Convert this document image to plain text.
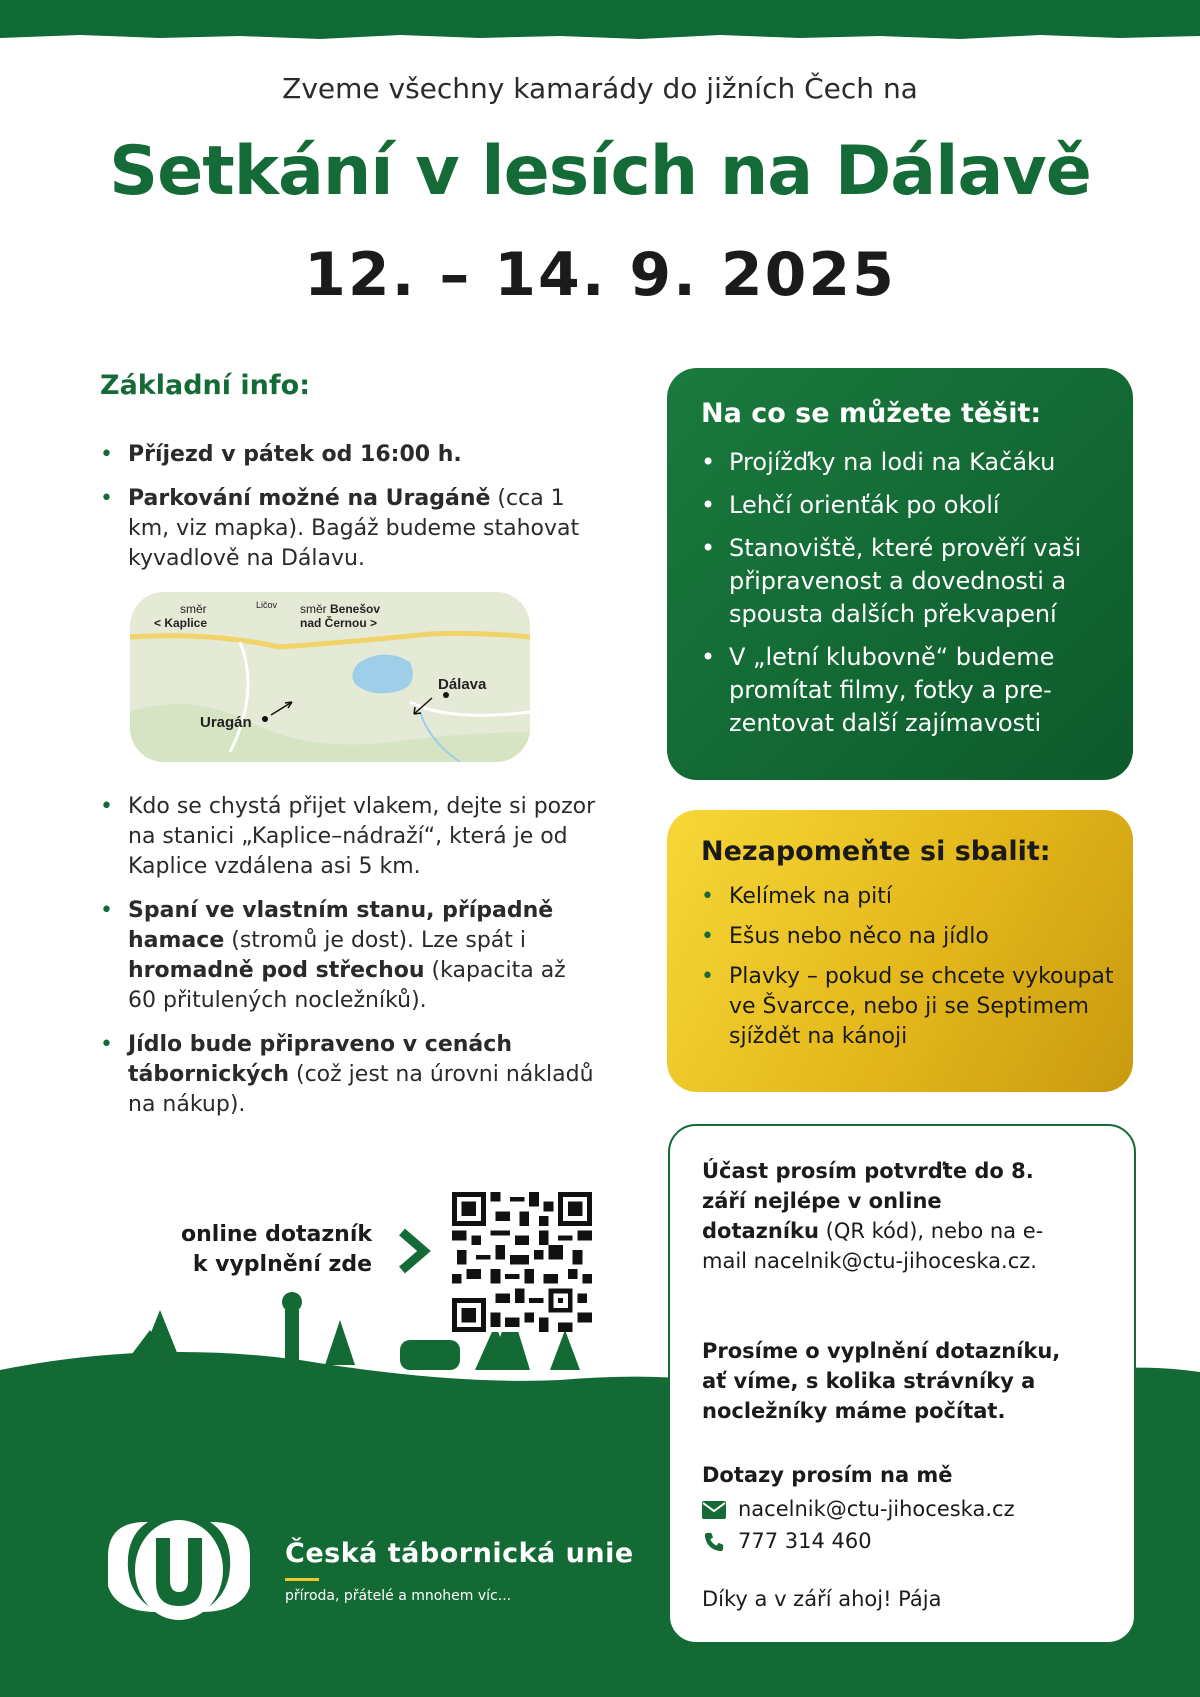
Zveme všechny kamarády do jižních Čech na
Setkání v lesích na Dálavě
12. – 14. 9. 2025
Základní info:
• Příjezd v pátek od 16:00 h.
• Parkování možné na Uragáně (cca 1 km, viz mapka). Bagáž budeme stahovat kyvadlově na Dálavu.
směr
< Kaplice
Ličov směr Benešov
nad Černou >
Uragán
Dálava
• Kdo se chystá přijet vlakem, dejte si pozor na stanici „Kaplice–nádraží“, která je od Kaplice vzdálena asi 5 km.
• Spaní ve vlastním stanu, případně hamace (stromů je dost). Lze spát i hromadně pod střechou (kapacita až 60 přitulených nocležníků).
• Jídlo bude připraveno v cenách tábornických (což jest na úrovni nákladů na nákup).
Na co se můžete těšit:
• Projížďky na lodi na Kačáku
• Lehčí orienťák po okolí
• Stanoviště, které prověří vaši připravenost a dovednosti a spousta dalších překvapení
• V „letní klubovně“ budeme promítat filmy, fotky a pre-zentovat další zajímavosti
Nezapomeňte si sbalit:
• Kelímek na pití
• Ešus nebo něco na jídlo
• Plavky – pokud se chcete vykoupat ve Švarcce, nebo ji se Septimem sjíždět na kánoji
online dotazník
k vyplnění zde
Účast prosím potvrďte do 8. září nejlépe v online dotazníku (QR kód), nebo na e-mail nacelnik@ctu-jihoceska.cz.
Prosíme o vyplnění dotazníku, ať víme, s kolika strávníky a nocležníky máme počítat.
Dotazy prosím na mě
nacelnik@ctu-jihoceska.cz
777 314 460
Díky a v září ahoj! Pája
Česká tábornická unie
příroda, přátelé a mnohem víc...
